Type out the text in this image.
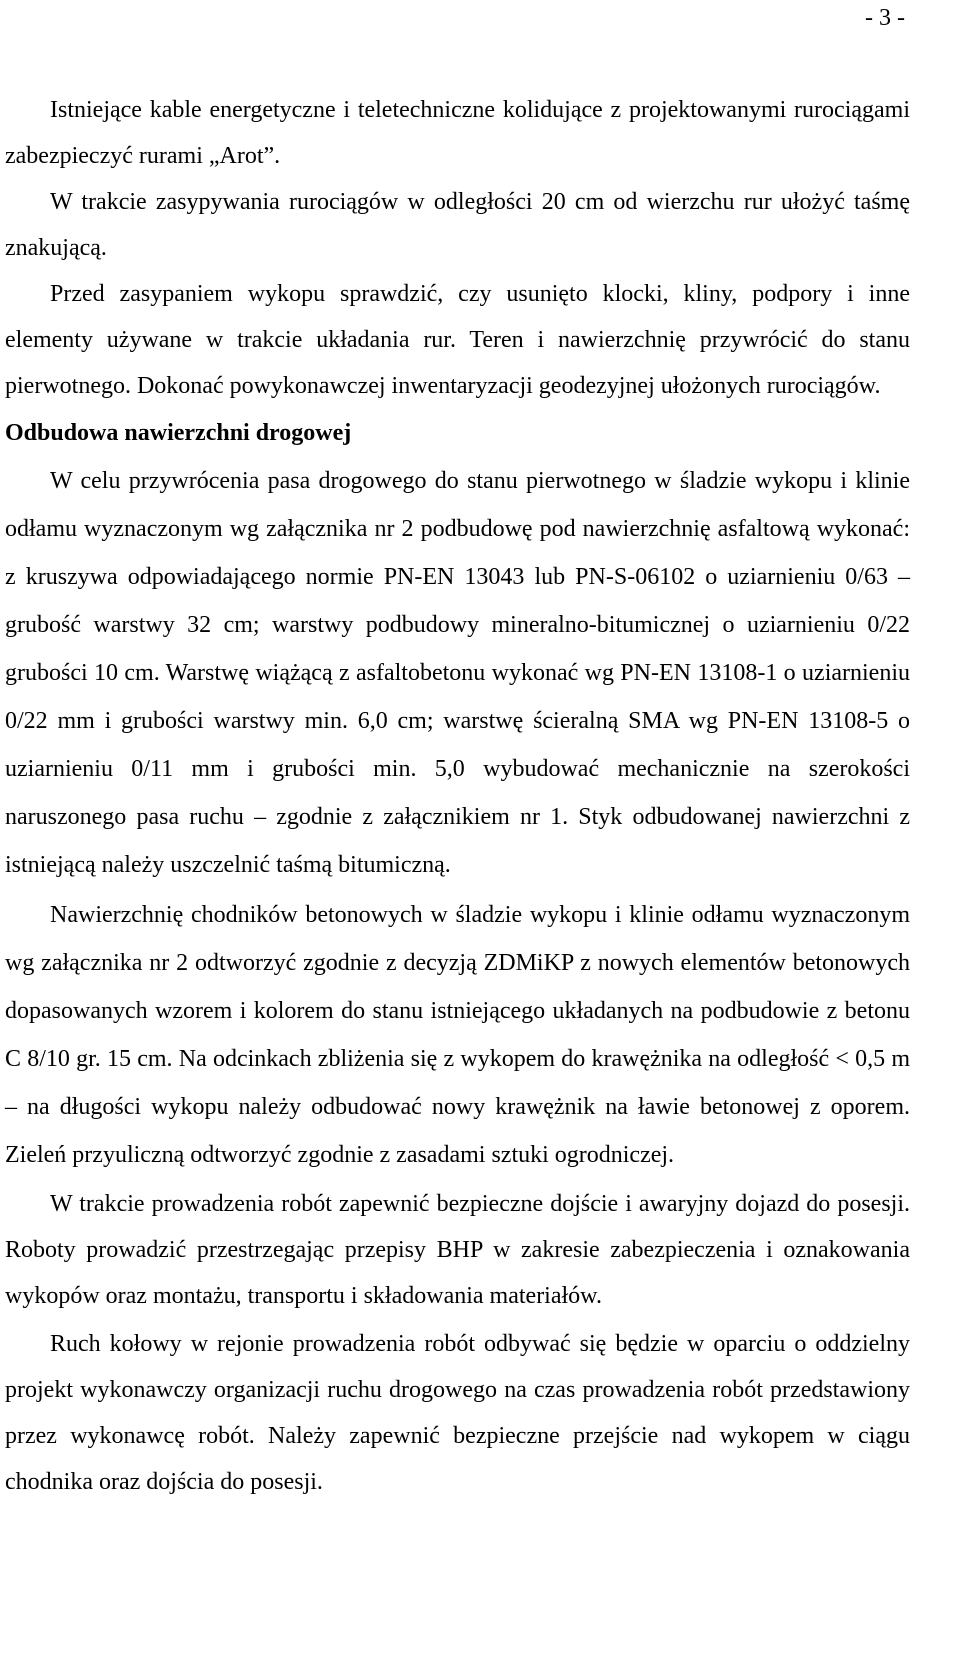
- 3 -

Istniejące kable energetyczne i teletechniczne kolidujące z projektowanymi rurociągami zabezpieczyć rurami „Arot”.

W trakcie zasypywania rurociągów w odległości 20 cm od wierzchu rur ułożyć taśmę znakującą.

Przed zasypaniem wykopu sprawdzić, czy usunięto klocki, kliny, podpory i inne elementy używane w trakcie układania rur. Teren i nawierzchnię przywrócić do stanu pierwotnego. Dokonać powykonawczej inwentaryzacji geodezyjnej ułożonych rurociągów.

Odbudowa nawierzchni drogowej

W celu przywrócenia pasa drogowego do stanu pierwotnego w śladzie wykopu i klinie odłamu wyznaczonym wg załącznika nr 2 podbudowę pod nawierzchnię asfaltową wykonać: z kruszywa odpowiadającego normie PN-EN 13043 lub PN-S-06102 o uziarnieniu 0/63 – grubość warstwy 32 cm; warstwy podbudowy mineralno-bitumicznej o uziarnieniu 0/22 grubości 10 cm. Warstwę wiążącą z asfaltobetonu wykonać wg PN-EN 13108-1 o uziarnieniu 0/22 mm i grubości warstwy min. 6,0 cm; warstwę ścieralną SMA wg PN-EN 13108-5 o uziarnieniu 0/11 mm i grubości min. 5,0 wybudować mechanicznie na szerokości naruszonego pasa ruchu – zgodnie z załącznikiem nr 1. Styk odbudowanej nawierzchni z istniejącą należy uszczelnić taśmą bitumiczną.

Nawierzchnię chodników betonowych w śladzie wykopu i klinie odłamu wyznaczonym wg załącznika nr 2 odtworzyć zgodnie z decyzją ZDMiKP z nowych elementów betonowych dopasowanych wzorem i kolorem do stanu istniejącego układanych na podbudowie z betonu C 8/10 gr. 15 cm. Na odcinkach zbliżenia się z wykopem do krawężnika na odległość < 0,5 m – na długości wykopu należy odbudować nowy krawężnik na ławie betonowej z oporem. Zieleń przyuliczną odtworzyć zgodnie z zasadami sztuki ogrodniczej.

W trakcie prowadzenia robót zapewnić bezpieczne dojście i awaryjny dojazd do posesji. Roboty prowadzić przestrzegając przepisy BHP w zakresie zabezpieczenia i oznakowania wykopów oraz montażu, transportu i składowania materiałów.

Ruch kołowy w rejonie prowadzenia robót odbywać się będzie w oparciu o oddzielny projekt wykonawczy organizacji ruchu drogowego na czas prowadzenia robót przedstawiony przez wykonawcę robót. Należy zapewnić bezpieczne przejście nad wykopem w ciągu chodnika oraz dojścia do posesji.
